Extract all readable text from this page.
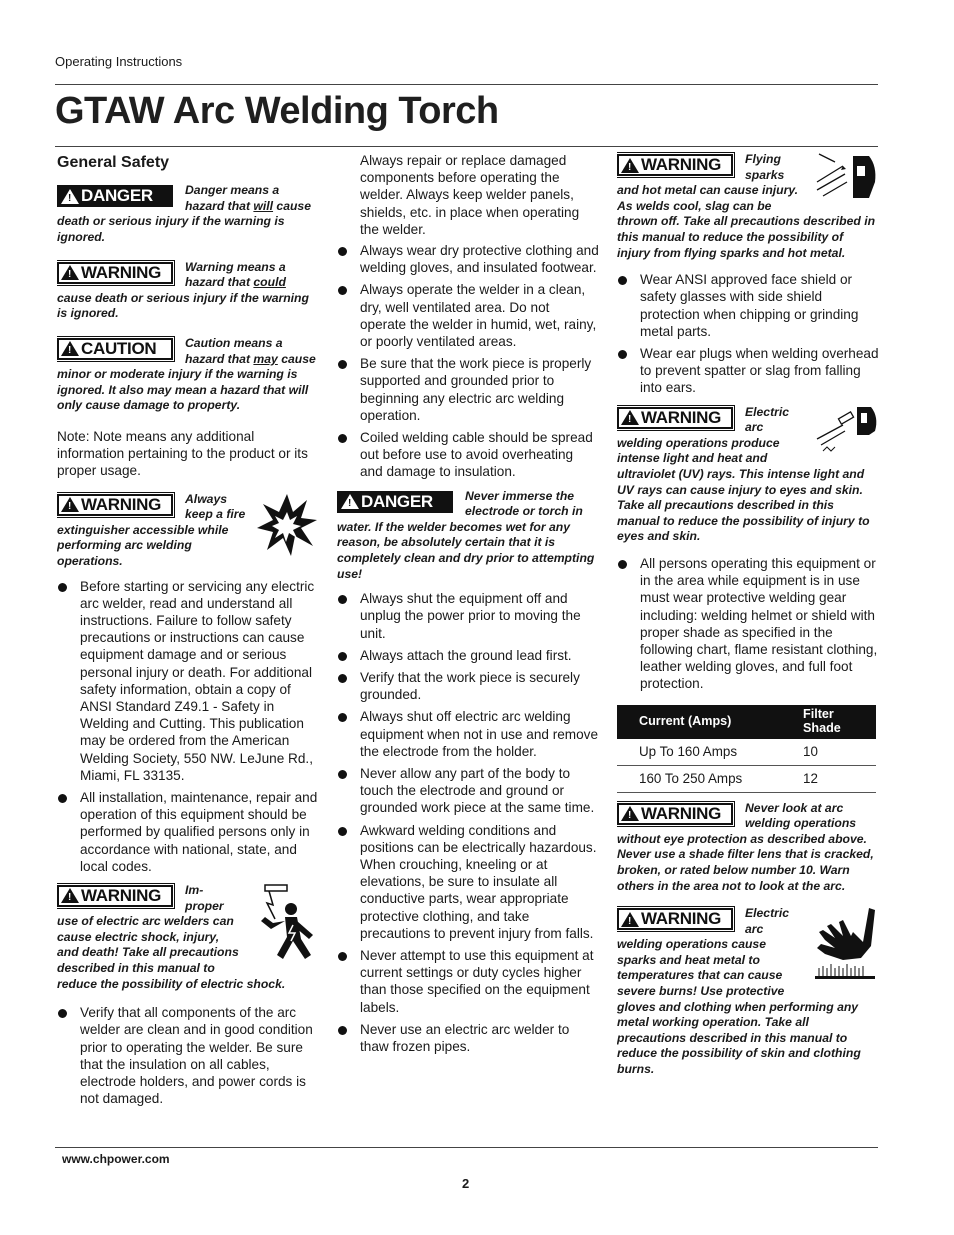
Operating Instructions
GTAW Arc Welding Torch
General Safety
! DANGER	Danger means a hazard that will cause death or serious injury if the warning is ignored.
! WARNING Warning means a hazard that could cause death or serious injury if the warning is ignored.
! CAUTION Caution means a hazard that may cause minor or moderate injury if the warning is ignored. It also may mean a hazard that will only cause damage to property.

Note: Note means any additional information pertaining to the product or its proper usage.

! WARNING Always keep a fire extinguisher accessible while performing arc welding operations.
Before starting or servicing any electric arc welder, read and understand all instructions. Failure to follow safety precautions or instructions can cause equipment damage and or serious personal injury or death. For additional safety information, obtain a copy of ANSI Standard Z49.1 - Safety in Welding and Cutting. This publication may be ordered from the American Welding Society, 550 NW. LeJune Rd., Miami, FL 33135.
All installation, maintenance, repair and operation of this equipment should be performed by qualified persons only in accordance with national, state, and local codes.
! WARNING Im-proper use of electric arc welders can cause electric shock, injury, and death! Take all precautions described in this manual to reduce the possibility of electric shock.
Verify that all components of the arc welder are clean and in good condition prior to operating the welder. Be sure that the insulation on all cables, electrode holders, and power cords is not damaged.
Always repair or replace damaged components before operating the welder. Always keep welder panels, shields, etc. in place when operating the welder.
Always wear dry protective clothing and welding gloves, and insulated footwear.
Always operate the welder in a clean, dry, well ventilated area. Do not operate the welder in humid, wet, rainy, or poorly ventilated areas.
Be sure that the work piece is properly supported and grounded prior to beginning any electric arc welding operation.
Coiled welding cable should be spread out before use to avoid overheating and damage to insulation.
! DANGER	Never immerse the electrode or torch in water. If the welder becomes wet for any reason, be absolutely certain that it is completely clean and dry prior to attempting use!
Always shut the equipment off and unplug the power prior to moving the unit.
Always attach the ground lead first.
Verify that the work piece is securely grounded.
Always shut off electric arc welding equipment when not in use and remove the electrode from the holder.
Never allow any part of the body to touch the electrode and ground or grounded work piece at the same time.
Awkward welding conditions and positions can be electrically hazardous. When crouching, kneeling or at elevations, be sure to insulate all conductive parts, wear appropriate protective clothing, and take precautions to prevent injury from falls.
Never attempt to use this equipment at current settings or duty cycles higher than those specified on the equipment labels.
Never use an electric arc welder to thaw frozen pipes.
! WARNING Flying sparks and hot metal can cause injury. As welds cool, slag can be thrown off. Take all precautions described in this manual to reduce the possibility of injury from flying sparks and hot metal.
Wear ANSI approved face shield or safety glasses with side shield protection when chipping or grinding metal parts.
Wear ear plugs when welding overhead to prevent spatter or slag from falling into ears.
! WARNING Electric arc welding operations produce intense light and heat and ultraviolet (UV) rays. This intense light and UV rays can cause injury to eyes and skin. Take all precautions described in this manual to reduce the possibility of injury to eyes and skin.
All persons operating this equipment or in the area while equipment is in use must wear protective welding gear including: welding helmet or shield with proper shade as specified in the following chart, flame resistant clothing, leather welding gloves, and full foot protection.
Current (Amps)	Filter Shade
Up To 160 Amps	10
160 To 250 Amps	12
! WARNING Never look at arc welding operations without eye protection as described above. Never use a shade filter lens that is cracked, broken, or rated below number 10. Warn others in the area not to look at the arc.
! WARNING Electric arc welding operations cause sparks and heat metal to temperatures that can cause severe burns! Use protective gloves and clothing when performing any metal working operation. Take all precautions described in this manual to reduce the possibility of skin and clothing burns.
www.chpower.com
2
